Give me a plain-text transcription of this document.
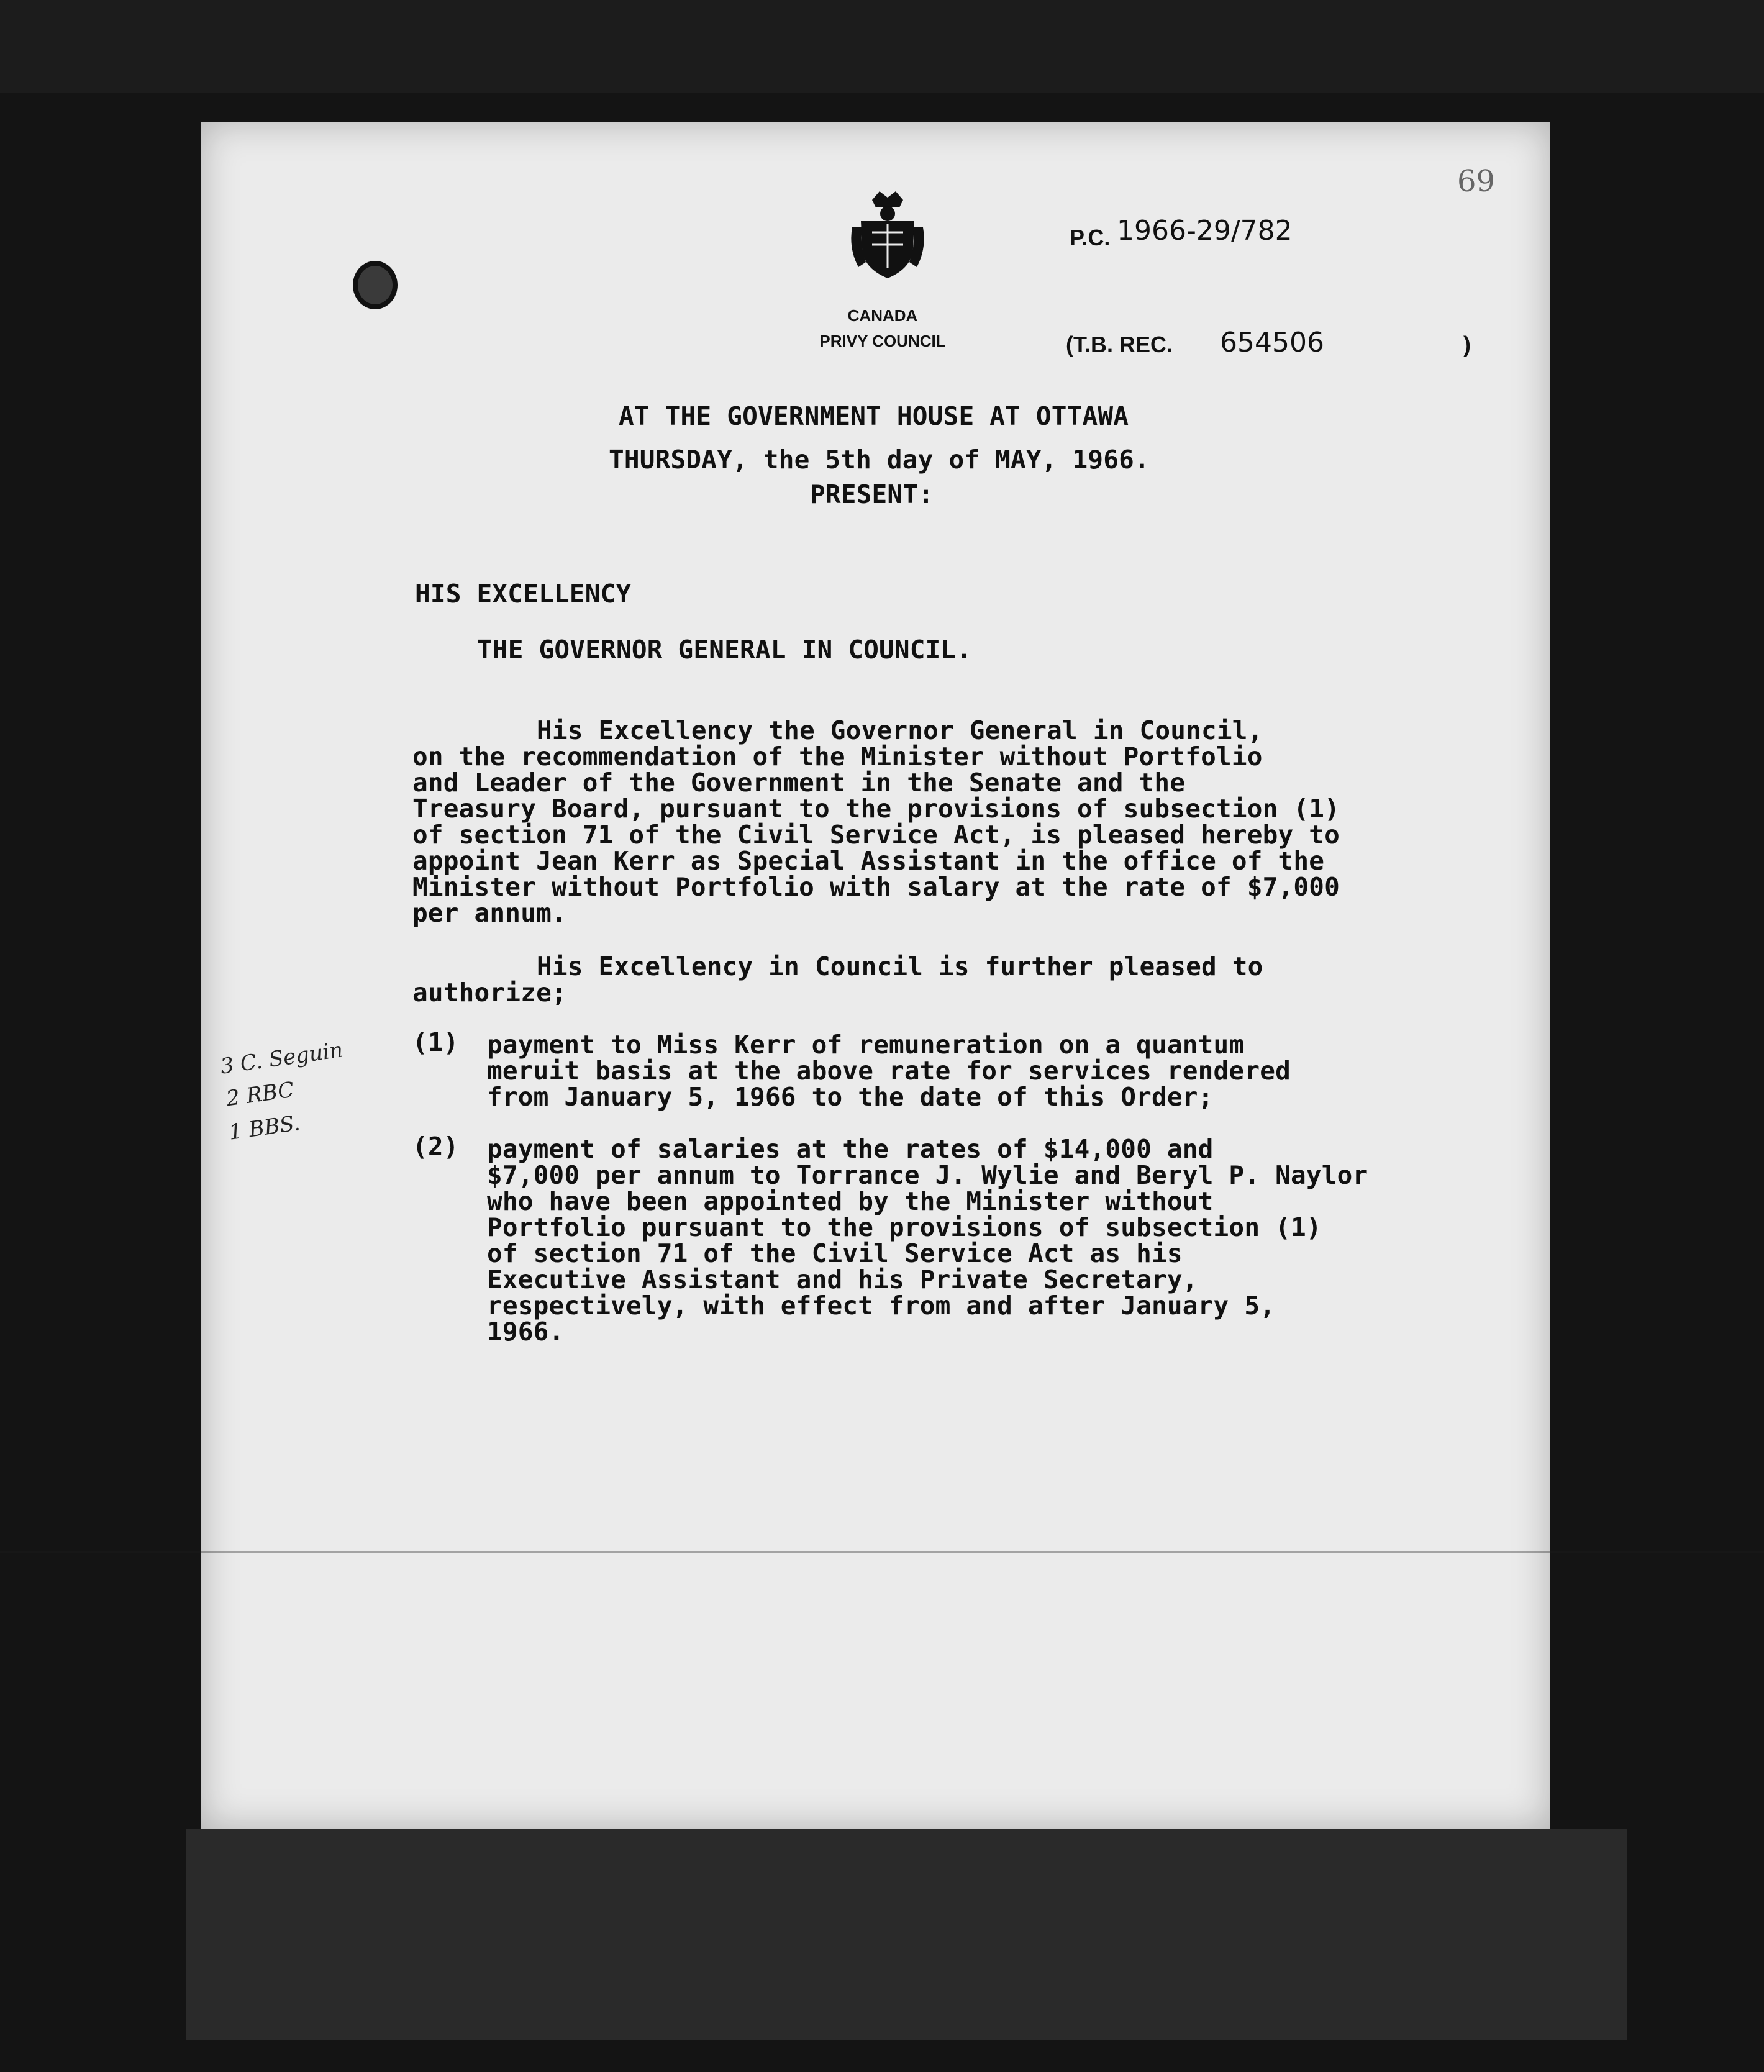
69
CANADA
PRIVY COUNCIL
P.C. 1966-29/782
(T.B. REC. 654506	)
AT THE GOVERNMENT HOUSE AT OTTAWA
THURSDAY, the 5th day of MAY, 1966.
PRESENT:
HIS EXCELLENCY
THE GOVERNOR GENERAL IN COUNCIL.
His Excellency the Governor General in Council,
on the recommendation of the Minister without Portfolio
and Leader of the Government in the Senate and the
Treasury Board, pursuant to the provisions of subsection (1)
of section 71 of the Civil Service Act, is pleased hereby to
appoint Jean Kerr as Special Assistant in the office of the
Minister without Portfolio with salary at the rate of $7,000
per annum.
His Excellency in Council is further pleased to
authorize;
(1) payment to Miss Kerr of remuneration on a quantum
meruit basis at the above rate for services rendered
from January 5, 1966 to the date of this Order;
(2) payment of salaries at the rates of $14,000 and
$7,000 per annum to Torrance J. Wylie and Beryl P. Naylor
who have been appointed by the Minister without
Portfolio pursuant to the provisions of subsection (1)
of section 71 of the Civil Service Act as his
Executive Assistant and his Private Secretary,
respectively, with effect from and after January 5,
1966.
3 C. Seguin
2 RBC
1 BBS.
